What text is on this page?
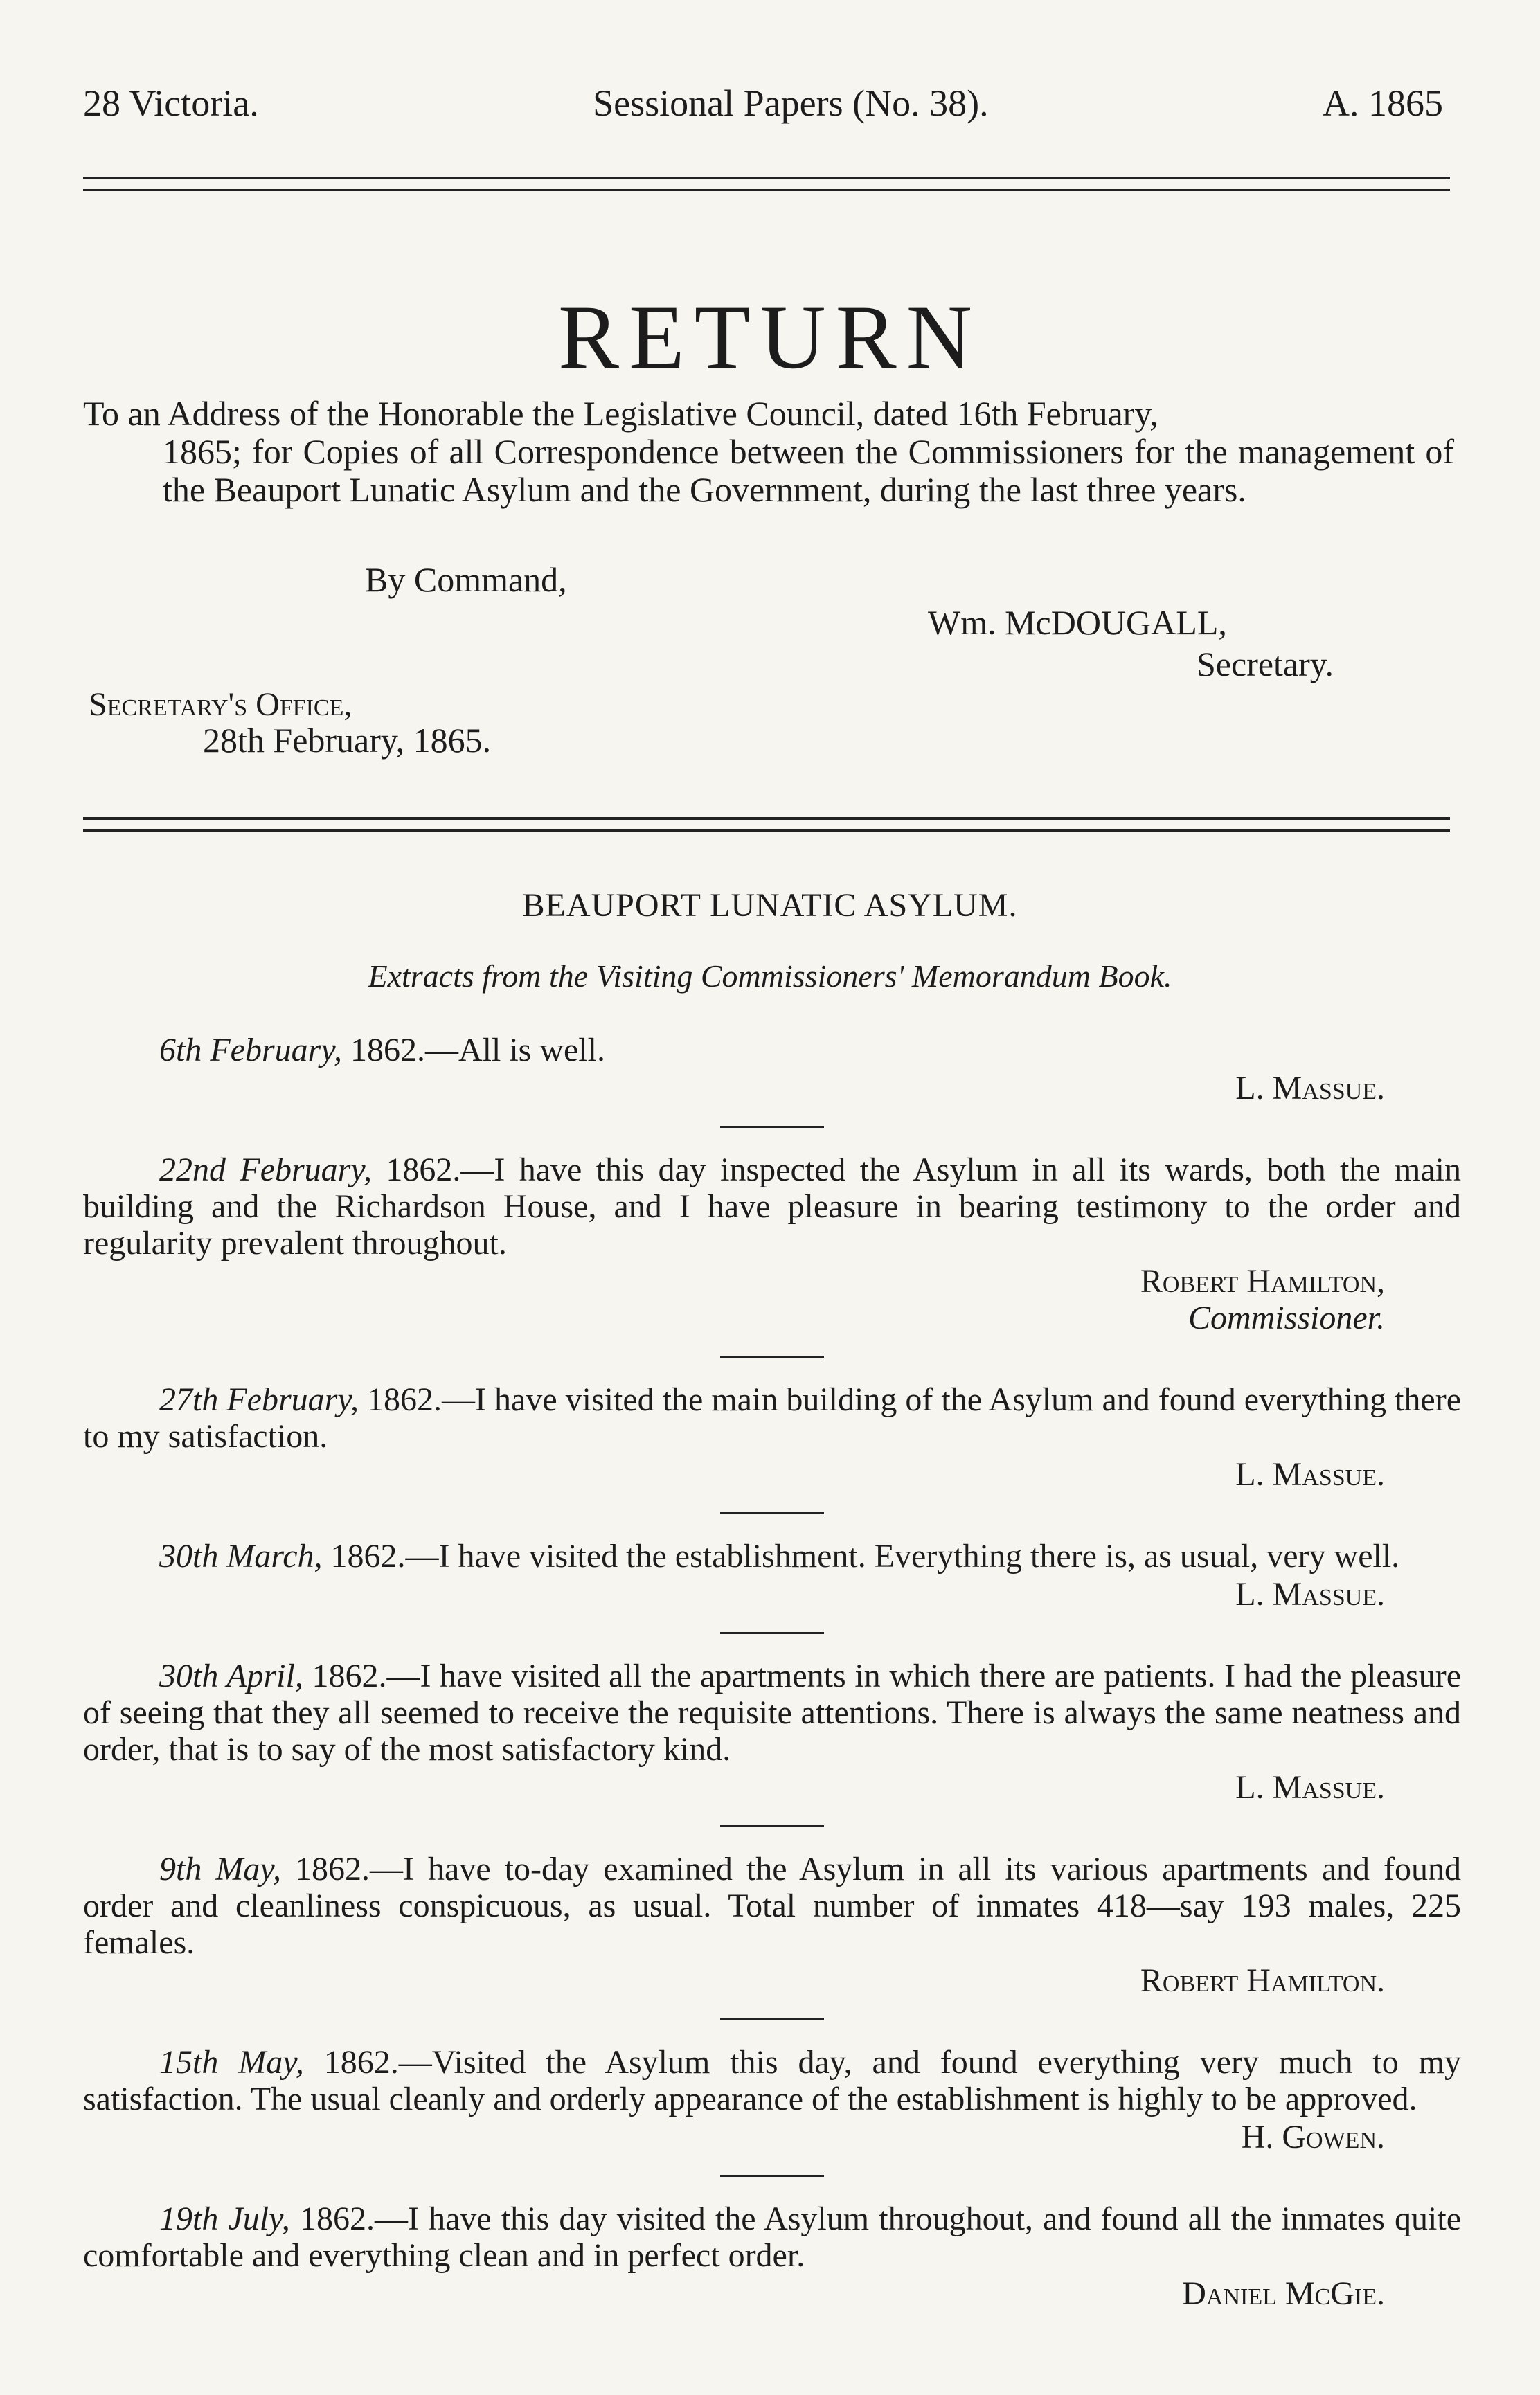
28 Victoria.	Sessional Papers (No. 38).	A. 1865
RETURN
To an Address of the Honorable the Legislative Council, dated 16th February,
1865; for Copies of all Correspondence between the Commissioners for the management of the Beauport Lunatic Asylum and the Government, during the last three years.
By Command,
Wm. McDOUGALL,
Secretary.
Secretary's Office,
28th February, 1865.
BEAUPORT LUNATIC ASYLUM.
Extracts from the Visiting Commissioners' Memorandum Book.

6th February, 1862.—All is well.

L. Massue.

22nd February, 1862.—I have this day inspected the Asylum in all its wards, both the main building and the Richardson House, and I have pleasure in bearing testimony to the order and regularity prevalent throughout.

Robert Hamilton,

Commissioner.

27th February, 1862.—I have visited the main building of the Asylum and found everything there to my satisfaction.

L. Massue.

30th March, 1862.—I have visited the establishment. Everything there is, as usual, very well.

L. Massue.

30th April, 1862.—I have visited all the apartments in which there are patients. I had the pleasure of seeing that they all seemed to receive the requisite attentions. There is always the same neatness and order, that is to say of the most satisfactory kind.

L. Massue.

9th May, 1862.—I have to-day examined the Asylum in all its various apartments and found order and cleanliness conspicuous, as usual. Total number of inmates 418—say 193 males, 225 females.

Robert Hamilton.

15th May, 1862.—Visited the Asylum this day, and found everything very much to my satisfaction. The usual cleanly and orderly appearance of the establishment is highly to be approved.

H. Gowen.

19th July, 1862.—I have this day visited the Asylum throughout, and found all the inmates quite comfortable and everything clean and in perfect order.

Daniel McGie.
